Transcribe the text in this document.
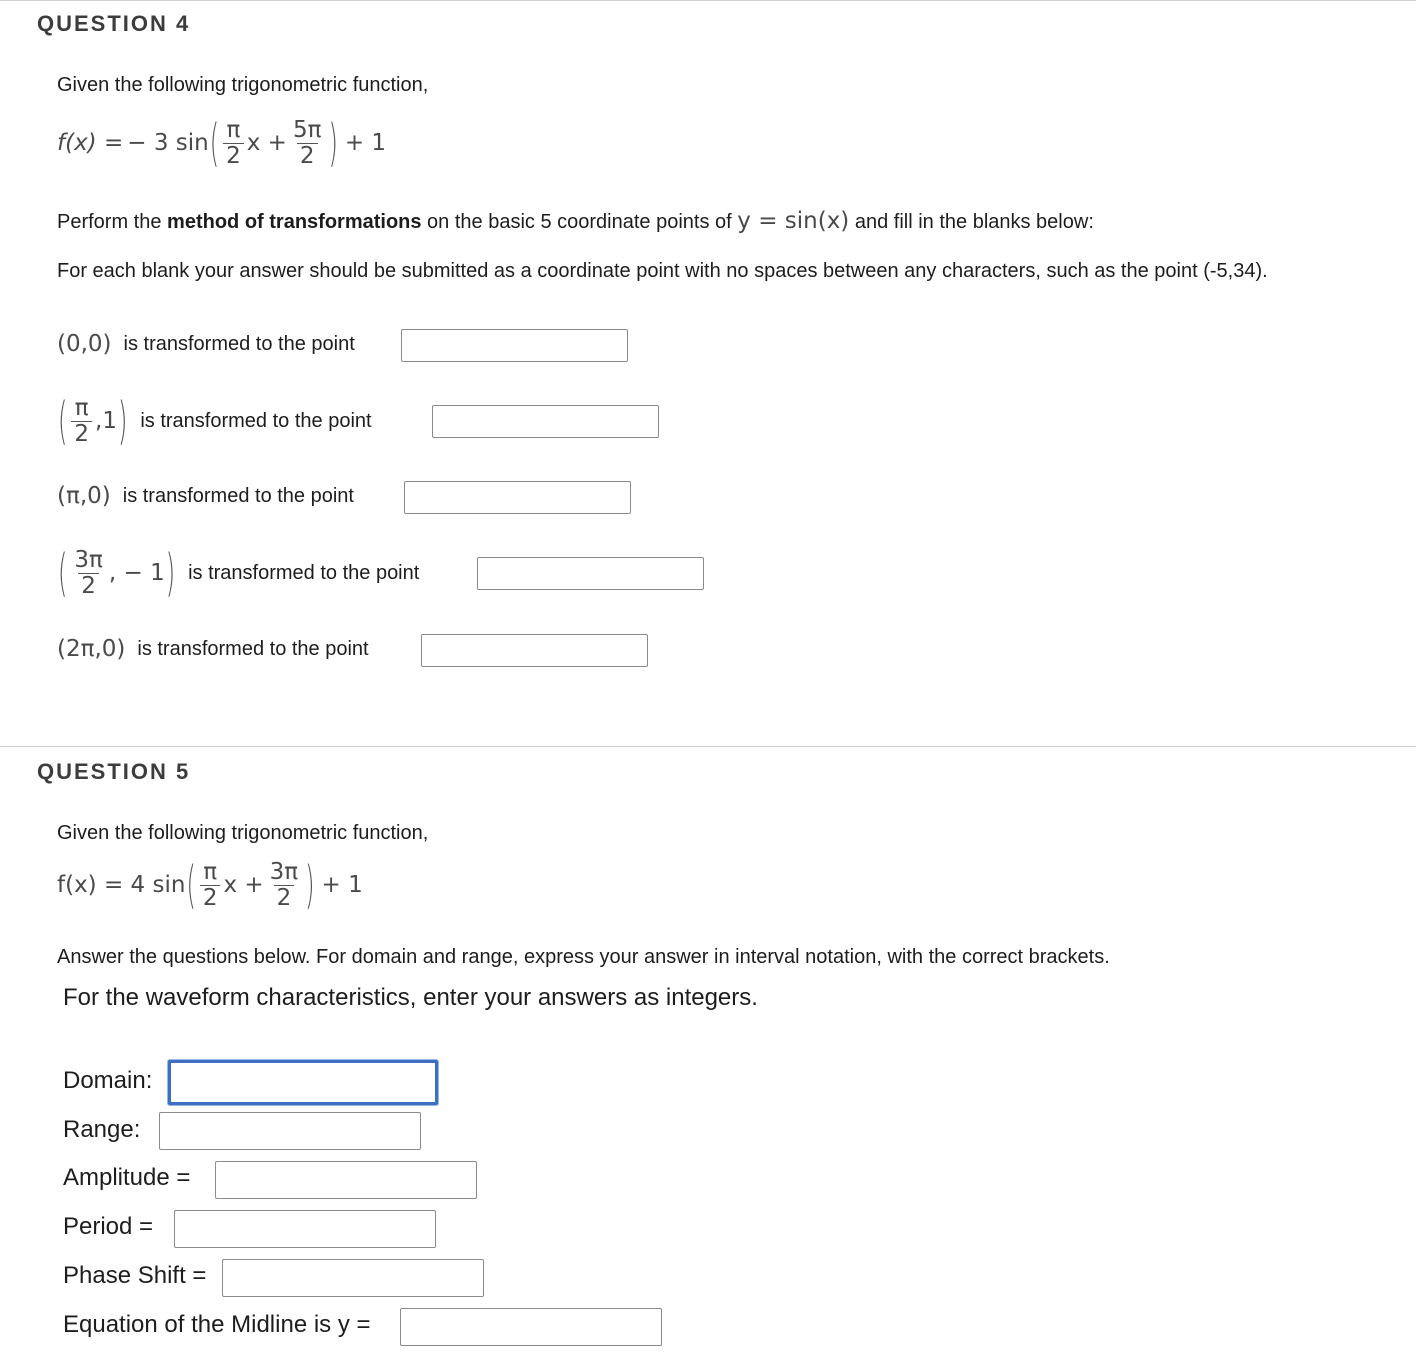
QUESTION 4
Given the following trigonometric function,
f(x) = − 3 sin ( $\frac{\pi}{2}$ $x + \frac{5\pi}{2}$ ) + 1
Perform the method of transformations on the basic 5 coordinate points of y = sin(x) and fill in the blanks below:
For each blank your answer should be submitted as a coordinate point with no spaces between any characters, such as the point (-5,34).
(0,0) is transformed to the point
( $\frac{\pi}{2} ,1$ ) is transformed to the point
(π,0) is transformed to the point
( $\frac{3\pi}{2}$ , − 1 ) is transformed to the point
(2π,0) is transformed to the point
QUESTION 5
Given the following trigonometric function,
f(x) = 4 sin ( $\frac{\pi}{2}$ $x + \frac{3\pi}{2}$ ) + 1
Answer the questions below. For domain and range, express your answer in interval notation, with the correct brackets.
For the waveform characteristics, enter your answers as integers.
Domain:
Range:
Amplitude =
Period =
Phase Shift =
Equation of the Midline is y =
